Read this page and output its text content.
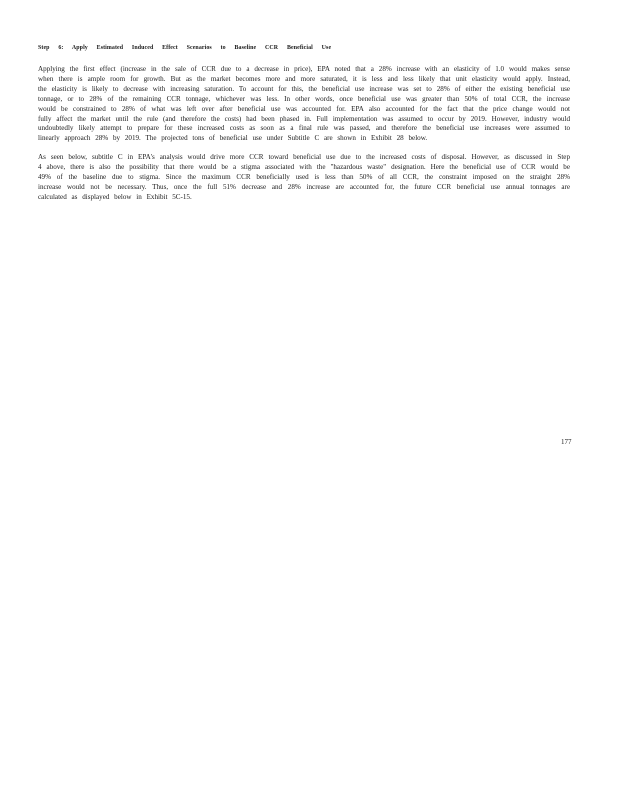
Step 6: Apply Estimated Induced Effect Scenarios to Baseline CCR Beneficial Use

Applying the first effect (increase in the sale of CCR due to a decrease in price), EPA noted that a 28% increase with an elasticity of 1.0 would makes sense when there is ample room for growth. But as the market becomes more and more saturated, it is less and less likely that unit elasticity would apply. Instead, the elasticity is likely to decrease with increasing saturation. To account for this, the beneficial use increase was set to 28% of either the existing beneficial use tonnage, or to 28% of the remaining CCR tonnage, whichever was less. In other words, once beneficial use was greater than 50% of total CCR, the increase would be constrained to 28% of what was left over after beneficial use was accounted for. EPA also accounted for the fact that the price change would not fully affect the market until the rule (and therefore the costs) had been phased in. Full implementation was assumed to occur by 2019. However, industry would undoubtedly likely attempt to prepare for these increased costs as soon as a final rule was passed, and therefore the beneficial use increases were assumed to linearly approach 28% by 2019. The projected tons of beneficial use under Subtitle C are shown in Exhibit 28 below.

As seen below, subtitle C in EPA's analysis would drive more CCR toward beneficial use due to the increased costs of disposal. However, as discussed in Step 4 above, there is also the possibility that there would be a stigma associated with the "hazardous waste" designation. Here the beneficial use of CCR would be 49% of the baseline due to stigma. Since the maximum CCR beneficially used is less than 50% of all CCR, the constraint imposed on the straight 28% increase would not be necessary. Thus, once the full 51% decrease and 28% increase are accounted for, the future CCR beneficial use annual tonnages are calculated as displayed below in Exhibit 5C-15.

177
